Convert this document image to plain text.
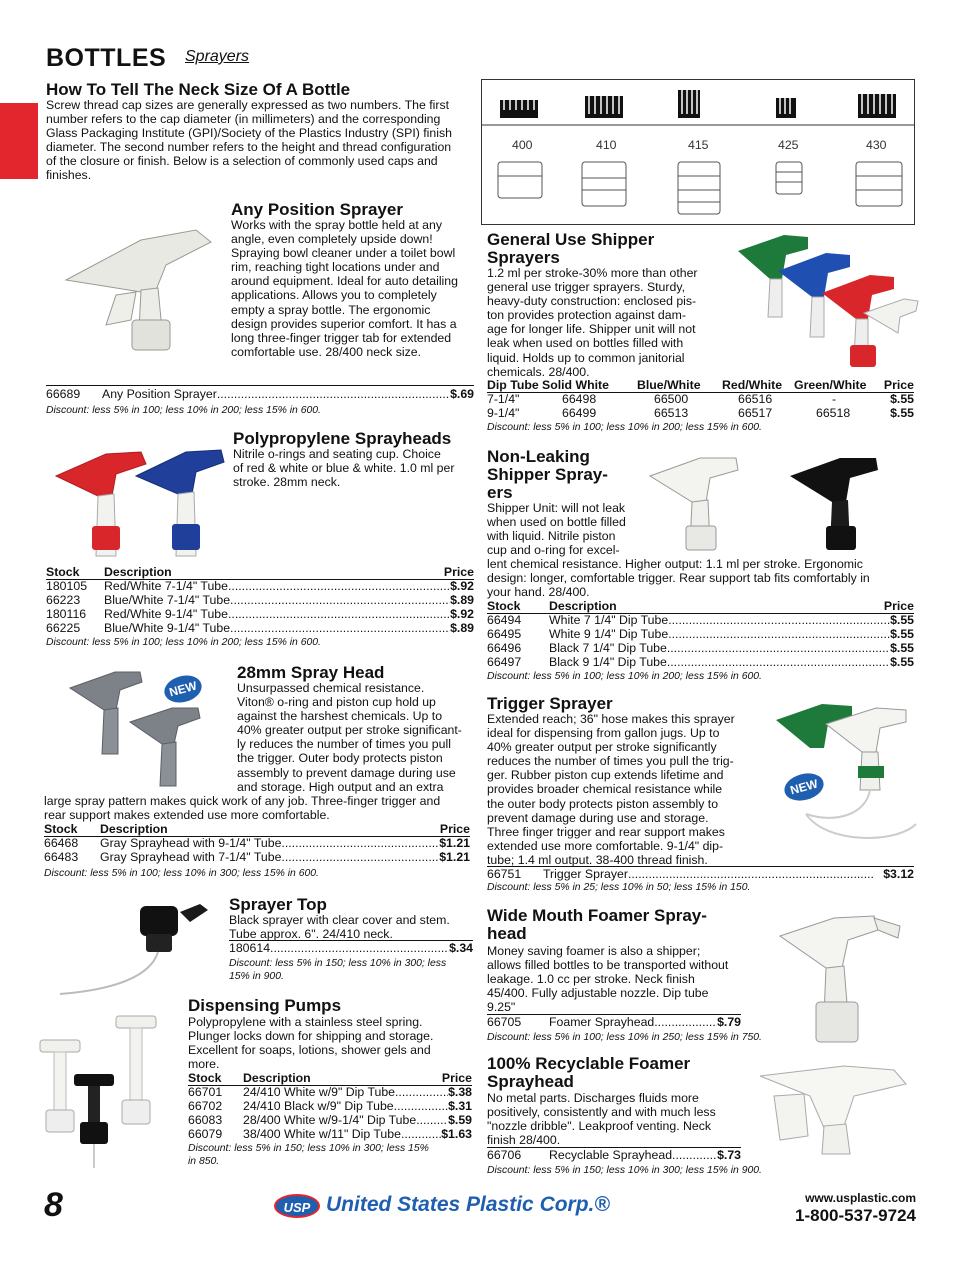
BOTTLES Sprayers
How To Tell The Neck Size Of A Bottle
Screw thread cap sizes are generally expressed as two numbers. The first
number refers to the cap diameter (in millimeters) and the corresponding
Glass Packaging Institute (GPI)/Society of the Plastics Industry (SPI) finish
diameter. The second number refers to the height and thread configuration
of the closure or finish. Below is a selection of commonly used caps and
finishes.
400	410	415	425	430
Any Position Sprayer
Works with the spray bottle held at any
angle, even completely upside down!
Spraying bowl cleaner under a toilet bowl
rim, reaching tight locations under and
around equipment. Ideal for auto detailing
applications. Allows you to completely
empty a spray bottle. The ergonomic
design provides superior comfort. It has a
long three-finger trigger tab for extended
comfortable use. 28/400 neck size.
66689	Any Position Sprayer .....	$.69
Discount: less 5% in 100; less 10% in 200; less 15% in 600.
Polypropylene Sprayheads
Nitrile o-rings and seating cup. Choice
of red & white or blue & white. 1.0 ml per
stroke. 28mm neck.
Stock	Description	Price
180105	Red/White 7-1/4" Tube .....	$.92
66223	Blue/White 7-1/4" Tube .....	$.89
180116	Red/White 9-1/4" Tube .....	$.92
66225	Blue/White 9-1/4" Tube .....	$.89
Discount: less 5% in 100; less 10% in 200; less 15% in 600.
NEW
28mm Spray Head
Unsurpassed chemical resistance.
Viton® o-ring and piston cup hold up
against the harshest chemicals. Up to
40% greater output per stroke significant-
ly reduces the number of times you pull
the trigger. Outer body protects piston
assembly to prevent damage during use
and storage. High output and an extra
large spray pattern makes quick work of any job. Three-finger trigger and
rear support makes extended use more comfortable.
Stock	Description	Price
66468	Gray Sprayhead with 9-1/4" Tube .....	$1.21
66483	Gray Sprayhead with 7-1/4" Tube .....	$1.21
Discount: less 5% in 100; less 10% in 300; less 15% in 600.
Sprayer Top
Black sprayer with clear cover and stem.
Tube approx. 6". 24/410 neck.
180614 .....	$.34
Discount: less 5% in 150; less 10% in 300; less
15% in 900.
Dispensing Pumps
Polypropylene with a stainless steel spring.
Plunger locks down for shipping and storage.
Excellent for soaps, lotions, shower gels and
more.
Stock	Description	Price
66701	24/410 White w/9" Dip Tube .....	$.38
66702	24/410 Black w/9" Dip Tube .....	$.31
66083	28/400 White w/9-1/4" Dip Tube .....	$.59
66079	38/400 White w/11" Dip Tube .....	$1.63
Discount: less 5% in 150; less 10% in 300; less 15%
in 850.
General Use Shipper
Sprayers
1.2 ml per stroke-30% more than other
general use trigger sprayers. Sturdy,
heavy-duty construction: enclosed pis-
ton provides protection against dam-
age for longer life. Shipper unit will not
leak when used on bottles filled with
liquid. Holds up to common janitorial
chemicals. 28/400.
Dip Tube Solid White	Blue/White	Red/White Green/White	Price
7-1/4"	66498	66500	66516	-	$.55
9-1/4"	66499	66513	66517	66518	$.55
Discount: less 5% in 100; less 10% in 200; less 15% in 600.
Non-Leaking
Shipper Spray-
ers
Shipper Unit: will not leak
when used on bottle filled
with liquid. Nitrile piston
cup and o-ring for excel-
lent chemical resistance. Higher output: 1.1 ml per stroke. Ergonomic
design: longer, comfortable trigger. Rear support tab fits comfortably in
your hand. 28/400.
Stock	Description	Price
66494	White 7 1/4" Dip Tube .....	$.55
66495	White 9 1/4" Dip Tube .....	$.55
66496	Black 7 1/4" Dip Tube .....	$.55
66497	Black 9 1/4" Dip Tube .....	$.55
Discount: less 5% in 100; less 10% in 200; less 15% in 600.
Trigger Sprayer
NEW
Extended reach; 36" hose makes this sprayer
ideal for dispensing from gallon jugs. Up to
40% greater output per stroke significantly
reduces the number of times you pull the trig-
ger. Rubber piston cup extends lifetime and
provides broader chemical resistance while
the outer body protects piston assembly to
prevent damage during use and storage.
Three finger trigger and rear support makes
extended use more comfortable. 9-1/4" dip-
tube; 1.4 ml output. 38-400 thread finish.
66751	Trigger Sprayer .....	$3.12
Discount: less 5% in 25; less 10% in 50; less 15% in 150.
Wide Mouth Foamer Spray-
head
Money saving foamer is also a shipper;
allows filled bottles to be transported without
leakage. 1.0 cc per stroke. Neck finish
45/400. Fully adjustable nozzle. Dip tube
9.25"
66705	Foamer Sprayhead .....	$.79
Discount: less 5% in 100; less 10% in 250; less 15% in 750.
100% Recyclable Foamer
Sprayhead
No metal parts. Discharges fluids more
positively, consistently and with much less
"nozzle dribble". Leakproof venting. Neck
finish 28/400.
66706	Recyclable Sprayhead .....	$.73
Discount: less 5% in 150; less 10% in 300; less 15% in 900.
8	USP United States Plastic Corp.®	www.usplastic.com
1-800-537-9724
